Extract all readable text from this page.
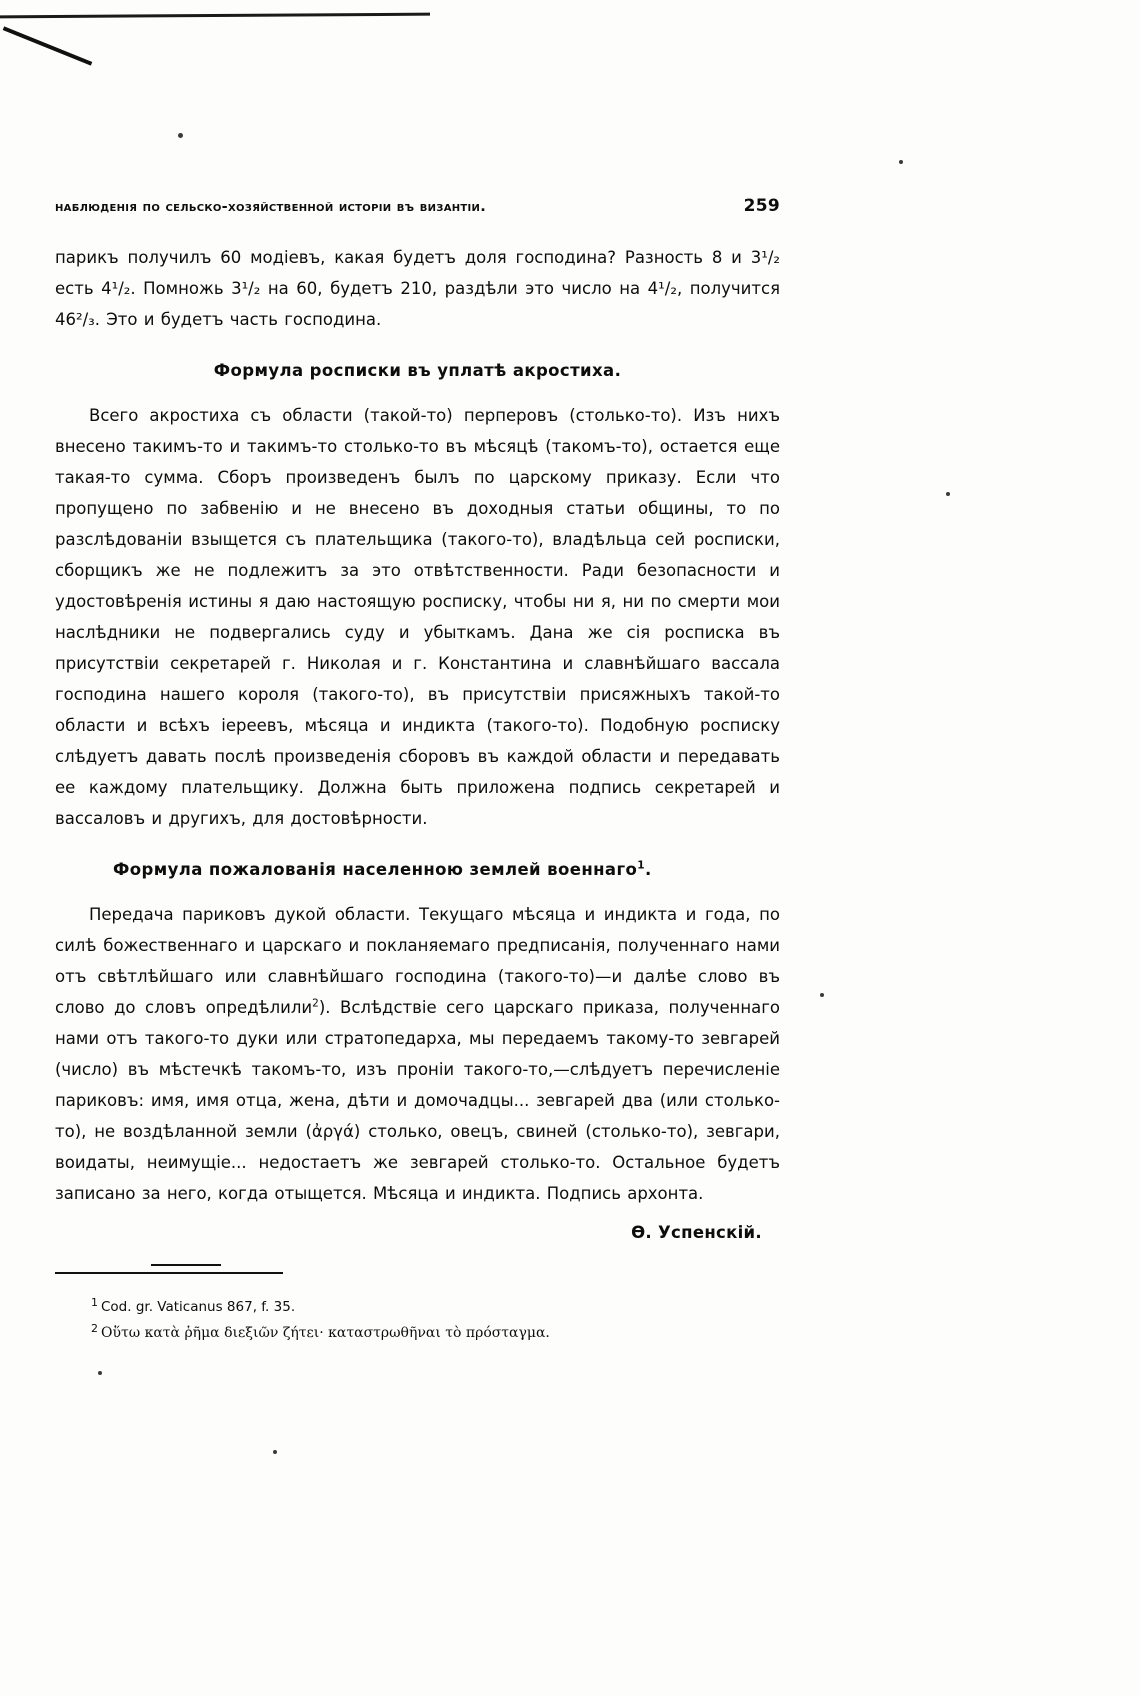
наблюденія по сельско-хозяйственной исторіи въ византіи.	259

парикъ получилъ 60 модіевъ, какая будетъ доля господина? Разность 8 и 3¹/₂ есть 4¹/₂. Помножь 3¹/₂ на 60, будетъ 210, раздѣли это число на 4¹/₂, получится 46²/₃. Это и будетъ часть господина.

Формула росписки въ уплатѣ акростиха.

Всего акростиха съ области (такой-то) перперовъ (столько-то). Изъ нихъ внесено такимъ-то и такимъ-то столько-то въ мѣсяцѣ (такомъ-то), остается еще такая-то сумма. Сборъ произведенъ былъ по царскому приказу. Если что пропущено по забвенію и не внесено въ доходныя статьи общины, то по разслѣдованіи взыщется съ плательщика (такого-то), владѣльца сей росписки, сборщикъ же не подлежитъ за это отвѣтственности. Ради безопасности и удостовѣренія истины я даю настоящую росписку, чтобы ни я, ни по смерти мои наслѣдники не подвергались суду и убыткамъ. Дана же сія росписка въ присутствіи секретарей г. Николая и г. Константина и славнѣйшаго вассала господина нашего короля (такого-то), въ присутствіи присяжныхъ такой-то области и всѣхъ іереевъ, мѣсяца и индикта (такого-то). Подобную росписку слѣдуетъ давать послѣ произведенія сборовъ въ каждой области и передавать ее каждому плательщику. Должна быть приложена подпись секретарей и вассаловъ и другихъ, для достовѣрности.

Формула пожалованія населенною землей военнаго$^1$.

Передача париковъ дукой области. Текущаго мѣсяца и индикта и года, по силѣ божественнаго и царскаго и покланяемаго предписанія, полученнаго нами отъ свѣтлѣйшаго или славнѣйшаго господина (такого-то)—и далѣе слово въ слово до словъ опредѣлили$^2$). Вслѣдствіе сего царскаго приказа, полученнаго нами отъ такого-то дуки или стратопедарха, мы передаемъ такому-то зевгарей (число) въ мѣстечкѣ такомъ-то, изъ проніи такого-то,—слѣдуетъ перечисленіе париковъ: имя, имя отца, жена, дѣти и домочадцы... зевгарей два (или столько-то), не воздѣланной земли (ἀργά) столько, овецъ, свиней (столько-то), зевгари, воидаты, неимущіе... недостаетъ же зевгарей столько-то. Остальное будетъ записано за него, когда отыщется. Мѣсяца и индикта. Подпись архонта.

Ѳ. Успенскій.
$^1$ Cod. gr. Vaticanus 867, f. 35.
$^2$ Οὕτω κατὰ ῥῆμα διεξιῶν ζήτει· καταστρωθῆναι τὸ πρόσταγμα.
